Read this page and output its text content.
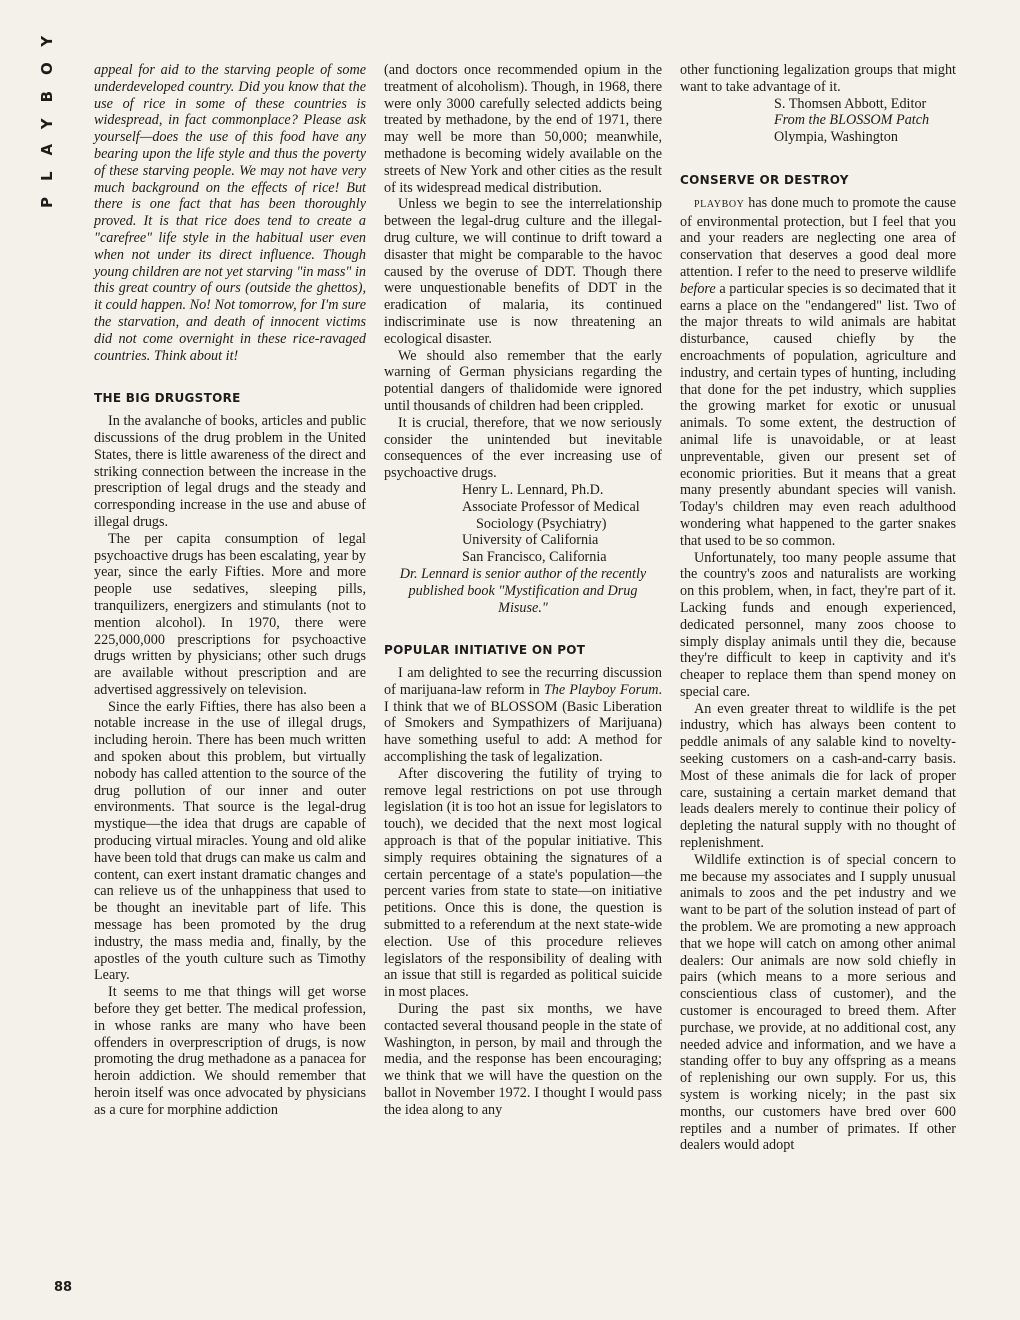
PLAYBOY
88

appeal for aid to the starving people of some underdeveloped country. Did you know that the use of rice in some of these countries is widespread, in fact commonplace? Please ask yourself—does the use of this food have any bearing upon the life style and thus the poverty of these starving people. We may not have very much background on the effects of rice! But there is one fact that has been thoroughly proved. It is that rice does tend to create a "carefree" life style in the habitual user even when not under its direct influence. Though young children are not yet starving "in mass" in this great country of ours (outside the ghettos), it could happen. No! Not tomorrow, for I'm sure the starvation, and death of innocent victims did not come overnight in these rice-ravaged countries. Think about it!

THE BIG DRUGSTORE

In the avalanche of books, articles and public discussions of the drug problem in the United States, there is little awareness of the direct and striking connection between the increase in the prescription of legal drugs and the steady and corresponding increase in the use and abuse of illegal drugs.

The per capita consumption of legal psychoactive drugs has been escalating, year by year, since the early Fifties. More and more people use sedatives, sleeping pills, tranquilizers, energizers and stimulants (not to mention alcohol). In 1970, there were 225,000,000 prescriptions for psychoactive drugs written by physicians; other such drugs are available without prescription and are advertised aggressively on television.

Since the early Fifties, there has also been a notable increase in the use of illegal drugs, including heroin. There has been much written and spoken about this problem, but virtually nobody has called attention to the source of the drug pollution of our inner and outer environments. That source is the legal-drug mystique—the idea that drugs are capable of producing virtual miracles. Young and old alike have been told that drugs can make us calm and content, can exert instant dramatic changes and can relieve us of the unhappiness that used to be thought an inevitable part of life. This message has been promoted by the drug industry, the mass media and, finally, by the apostles of the youth culture such as Timothy Leary.

It seems to me that things will get worse before they get better. The medical profession, in whose ranks are many who have been offenders in overprescription of drugs, is now promoting the drug methadone as a panacea for heroin addiction. We should remember that heroin itself was once advocated by physicians as a cure for morphine addiction

(and doctors once recommended opium in the treatment of alcoholism). Though, in 1968, there were only 3000 carefully selected addicts being treated by methadone, by the end of 1971, there may well be more than 50,000; meanwhile, methadone is becoming widely available on the streets of New York and other cities as the result of its widespread medical distribution.

Unless we begin to see the interrelationship between the legal-drug culture and the illegal-drug culture, we will continue to drift toward a disaster that might be comparable to the havoc caused by the overuse of DDT. Though there were unquestionable benefits of DDT in the eradication of malaria, its continued indiscriminate use is now threatening an ecological disaster.

We should also remember that the early warning of German physicians regarding the potential dangers of thalidomide were ignored until thousands of children had been crippled.

It is crucial, therefore, that we now seriously consider the unintended but inevitable consequences of the ever increasing use of psychoactive drugs.

Henry L. Lennard, Ph.D.

Associate Professor of Medical

Sociology (Psychiatry)

University of California

San Francisco, California

Dr. Lennard is senior author of the recently published book "Mystification and Drug Misuse."

POPULAR INITIATIVE ON POT

I am delighted to see the recurring discussion of marijuana-law reform in The Playboy Forum. I think that we of BLOSSOM (Basic Liberation of Smokers and Sympathizers of Marijuana) have something useful to add: A method for accomplishing the task of legalization.

After discovering the futility of trying to remove legal restrictions on pot use through legislation (it is too hot an issue for legislators to touch), we decided that the next most logical approach is that of the popular initiative. This simply requires obtaining the signatures of a certain percentage of a state's population—the percent varies from state to state—on initiative petitions. Once this is done, the question is submitted to a referendum at the next state-wide election. Use of this procedure relieves legislators of the responsibility of dealing with an issue that still is regarded as political suicide in most places.

During the past six months, we have contacted several thousand people in the state of Washington, in person, by mail and through the media, and the response has been encouraging; we think that we will have the question on the ballot in November 1972. I thought I would pass the idea along to any

other functioning legalization groups that might want to take advantage of it.

S. Thomsen Abbott, Editor

From the BLOSSOM Patch

Olympia, Washington

CONSERVE OR DESTROY

PLAYBOY has done much to promote the cause of environmental protection, but I feel that you and your readers are neglecting one area of conservation that deserves a good deal more attention. I refer to the need to preserve wildlife before a particular species is so decimated that it earns a place on the "endangered" list. Two of the major threats to wild animals are habitat disturbance, caused chiefly by the encroachments of population, agriculture and industry, and certain types of hunting, including that done for the pet industry, which supplies the growing market for exotic or unusual animals. To some extent, the destruction of animal life is unavoidable, or at least unpreventable, given our present set of economic priorities. But it means that a great many presently abundant species will vanish. Today's children may even reach adulthood wondering what happened to the garter snakes that used to be so common.

Unfortunately, too many people assume that the country's zoos and naturalists are working on this problem, when, in fact, they're part of it. Lacking funds and enough experienced, dedicated personnel, many zoos choose to simply display animals until they die, because they're difficult to keep in captivity and it's cheaper to replace them than spend money on special care.

An even greater threat to wildlife is the pet industry, which has always been content to peddle animals of any salable kind to novelty-seeking customers on a cash-and-carry basis. Most of these animals die for lack of proper care, sustaining a certain market demand that leads dealers merely to continue their policy of depleting the natural supply with no thought of replenishment.

Wildlife extinction is of special concern to me because my associates and I supply unusual animals to zoos and the pet industry and we want to be part of the solution instead of part of the problem. We are promoting a new approach that we hope will catch on among other animal dealers: Our animals are now sold chiefly in pairs (which means to a more serious and conscientious class of customer), and the customer is encouraged to breed them. After purchase, we provide, at no additional cost, any needed advice and information, and we have a standing offer to buy any offspring as a means of replenishing our own supply. For us, this system is working nicely; in the past six months, our customers have bred over 600 reptiles and a number of primates. If other dealers would adopt
